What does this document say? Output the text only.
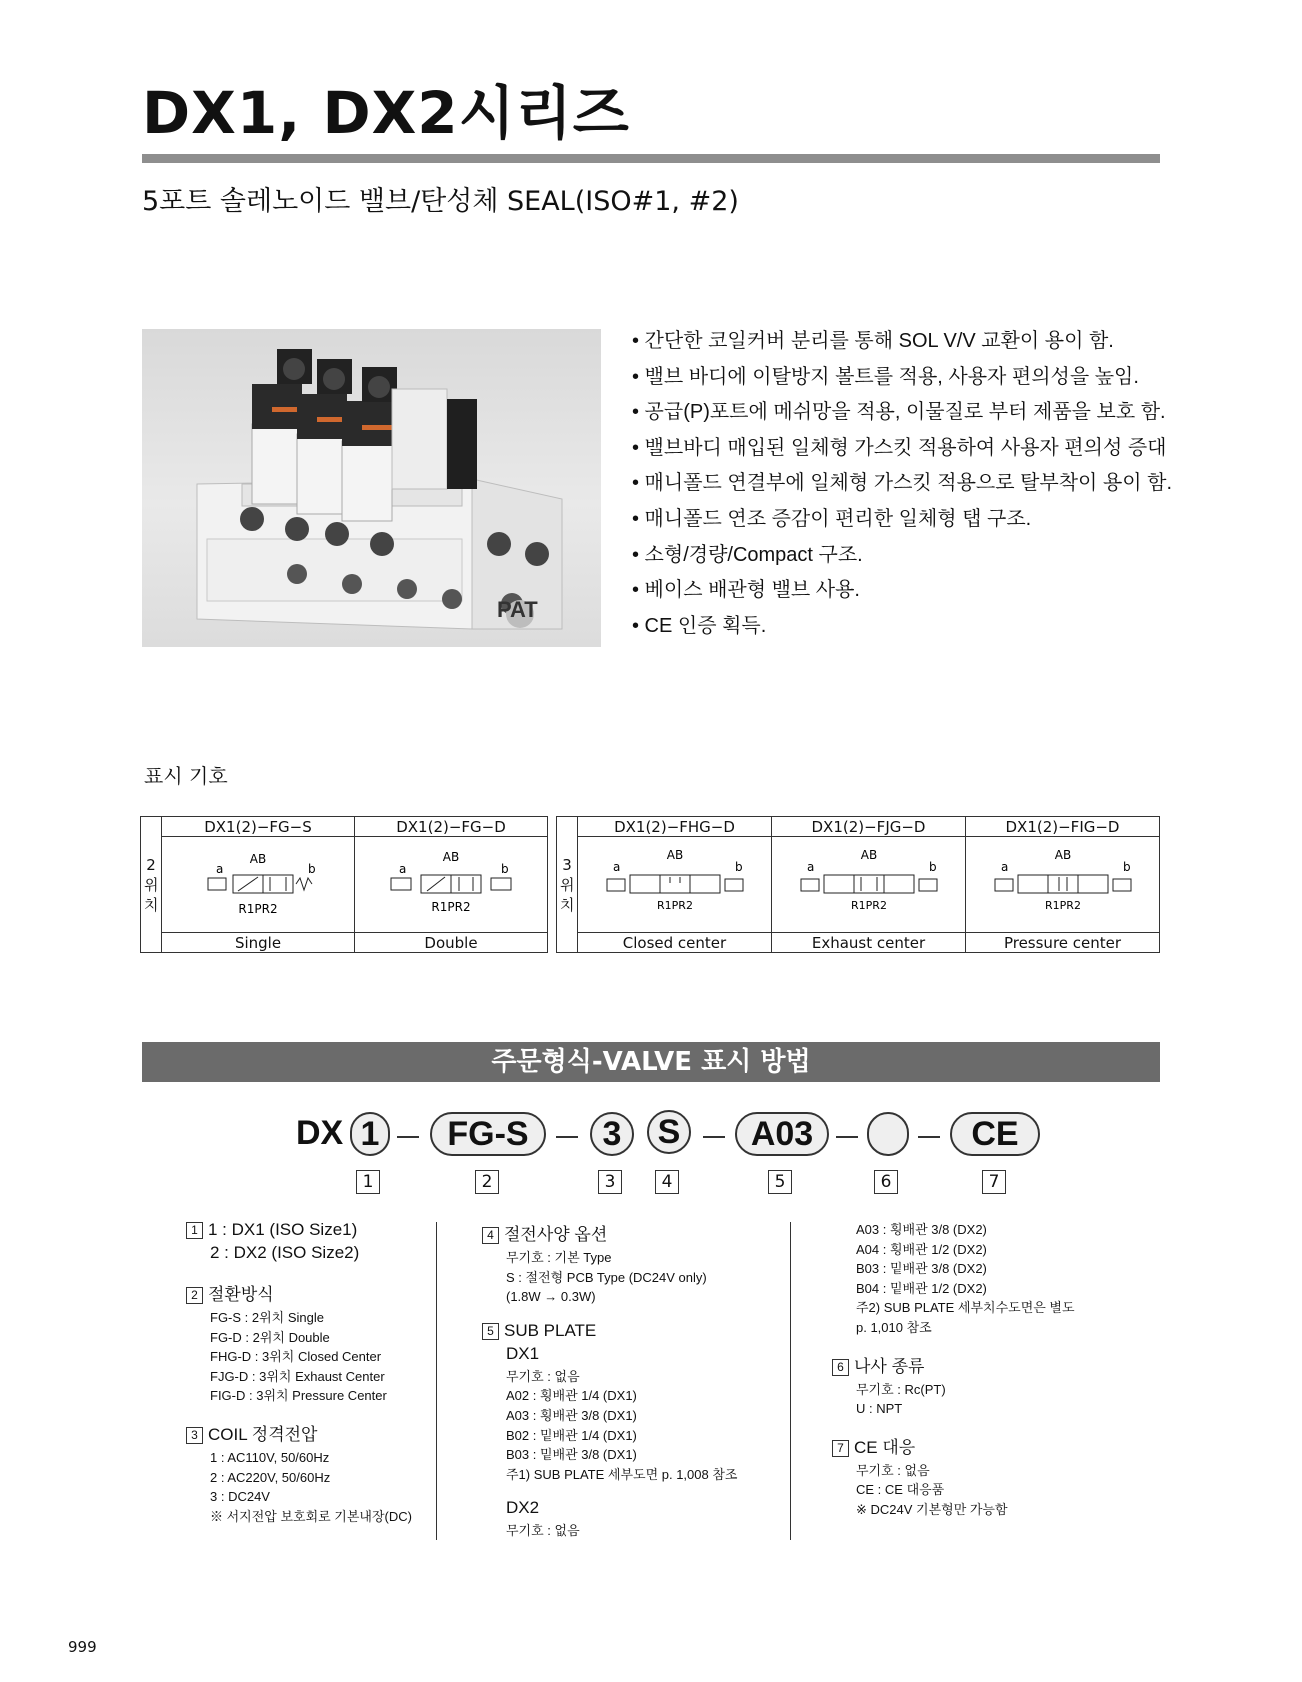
DX1, DX2시리즈
5포트 솔레노이드 밸브/탄성체 SEAL(ISO#1, #2)
PAT
• 간단한 코일커버 분리를 통해 SOL V/V 교환이 용이 함.
• 밸브 바디에 이탈방지 볼트를 적용, 사용자 편의성을 높임.
• 공급(P)포트에 메쉬망을 적용, 이물질로 부터 제품을 보호 함.
• 밸브바디 매입된 일체형 가스킷 적용하여 사용자 편의성 증대
• 매니폴드 연결부에 일체형 가스킷 적용으로 탈부착이 용이 함.
• 매니폴드 연조 증감이 편리한 일체형 탭 구조.
• 소형/경량/Compact 구조.
• 베이스 배관형 밸브 사용.
• CE 인증 획득.
표시 기호
2위치	DX1(2)−FG−S	DX1(2)−FG−D

AB
a b
R1PR2	AB
a b
R1PR2

	Single	Double
3위치	DX1(2)−FHG−D	DX1(2)−FJG−D	DX1(2)−FIG−D

AB
a b
R1PR2	AB
a b
R1PR2	AB
a b
R1PR2

	Closed center	Exhaust center	Pressure center
주문형식-VALVE 표시 방법
DX 1	FG-S	3	S	A03	CE
1	2	3	4	5	6	7
1 1 : DX1 (ISO Size1)
2 : DX2 (ISO Size2)
2 절환방식
FG-S : 2위치 Single
FG-D : 2위치 Double
FHG-D : 3위치 Closed Center
FJG-D : 3위치 Exhaust Center
FIG-D : 3위치 Pressure Center
3 COIL 정격전압
1 : AC110V, 50/60Hz
2 : AC220V, 50/60Hz
3 : DC24V
※ 서지전압 보호회로 기본내장(DC)
4 절전사양 옵션
무기호 : 기본 Type
S : 절전형 PCB Type (DC24V only)
(1.8W → 0.3W)
5 SUB PLATE
DX1
무기호 : 없음
A02 : 횡배관 1/4 (DX1)
A03 : 횡배관 3/8 (DX1)
B02 : 밑배관 1/4 (DX1)
B03 : 밑배관 3/8 (DX1)
주1) SUB PLATE 세부도면 p. 1,008 참조
DX2
무기호 : 없음
A03 : 횡배관 3/8 (DX2)
A04 : 횡배관 1/2 (DX2)
B03 : 밑배관 3/8 (DX2)
B04 : 밑배관 1/2 (DX2)
주2) SUB PLATE 세부치수도면은 별도
p. 1,010 참조
6 나사 종류
무기호 : Rc(PT)
U : NPT
7 CE 대응
무기호 : 없음
CE : CE 대응품
※ DC24V 기본형만 가능함
999
